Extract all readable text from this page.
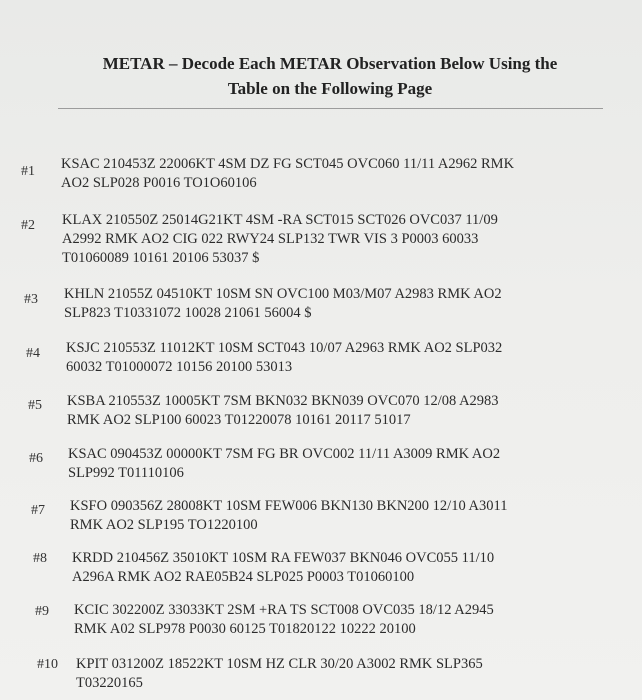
METAR – Decode Each METAR Observation Below Using the
Table on the Following Page
#1 KSAC 210453Z 22006KT 4SM DZ FG SCT045 OVC060 11/11 A2962 RMK
AO2 SLP028 P0016 TO1O60106
#2 KLAX 210550Z 25014G21KT 4SM -RA SCT015 SCT026 OVC037 11/09
A2992 RMK AO2 CIG 022 RWY24 SLP132 TWR VIS 3 P0003 60033
T01060089 10161 20106 53037 $
#3 KHLN 21055Z 04510KT 10SM SN OVC100 M03/M07 A2983 RMK AO2
SLP823 T10331072 10028 21061 56004 $
#4 KSJC 210553Z 11012KT 10SM SCT043 10/07 A2963 RMK AO2 SLP032
60032 T01000072 10156 20100 53013
#5 KSBA 210553Z 10005KT 7SM BKN032 BKN039 OVC070 12/08 A2983
RMK AO2 SLP100 60023 T01220078 10161 20117 51017
#6 KSAC 090453Z 00000KT 7SM FG BR OVC002 11/11 A3009 RMK AO2
SLP992 T01110106
#7 KSFO 090356Z 28008KT 10SM FEW006 BKN130 BKN200 12/10 A3011
RMK AO2 SLP195 TO1220100
#8 KRDD 210456Z 35010KT 10SM RA FEW037 BKN046 OVC055 11/10
A296A RMK AO2 RAE05B24 SLP025 P0003 T01060100
#9 KCIC 302200Z 33033KT 2SM +RA TS SCT008 OVC035 18/12 A2945
RMK A02 SLP978 P0030 60125 T01820122 10222 20100
#10 KPIT 031200Z 18522KT 10SM HZ CLR 30/20 A3002 RMK SLP365
T03220165
